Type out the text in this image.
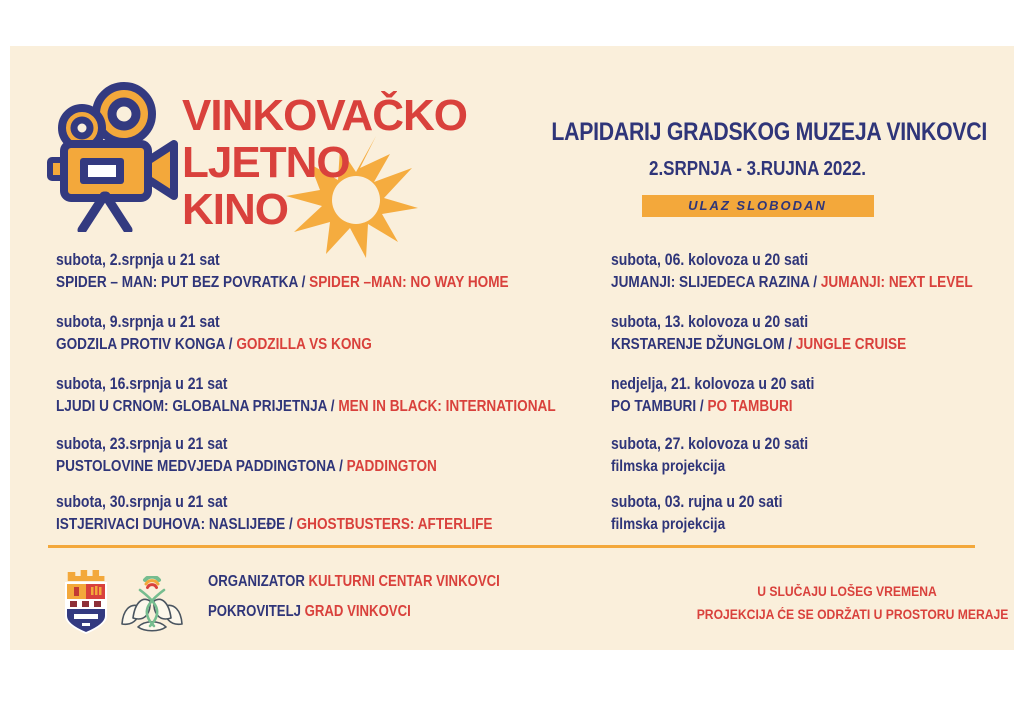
VINKOVAČKO
LJETNO
KINO
LAPIDARIJ GRADSKOG MUZEJA VINKOVCI
2.SRPNJA - 3.RUJNA 2022.
ULAZ SLOBODAN
subota, 2.srpnja u 21 sat
SPIDER – MAN: PUT BEZ POVRATKA / SPIDER –MAN: NO WAY HOME
subota, 9.srpnja u 21 sat
GODZILA PROTIV KONGA / GODZILLA VS KONG
subota, 16.srpnja u 21 sat
LJUDI U CRNOM: GLOBALNA PRIJETNJA / MEN IN BLACK: INTERNATIONAL
subota, 23.srpnja u 21 sat
PUSTOLOVINE MEDVJEDA PADDINGTONA / PADDINGTON
subota, 30.srpnja u 21 sat
ISTJERIVACI DUHOVA: NASLIJEĐE / GHOSTBUSTERS: AFTERLIFE
subota, 06. kolovoza u 20 sati
JUMANJI: SLIJEDECA RAZINA / JUMANJI: NEXT LEVEL
subota, 13. kolovoza u 20 sati
KRSTARENJE DŽUNGLOM / JUNGLE CRUISE
nedjelja, 21. kolovoza u 20 sati
PO TAMBURI / PO TAMBURI
subota, 27. kolovoza u 20 sati
filmska projekcija
subota, 03. rujna u 20 sati
filmska projekcija
ORGANIZATOR KULTURNI CENTAR VINKOVCI
POKROVITELJ GRAD VINKOVCI
U SLUČAJU LOŠEG VREMENA
PROJEKCIJA ĆE SE ODRŽATI U PROSTORU MERAJE
